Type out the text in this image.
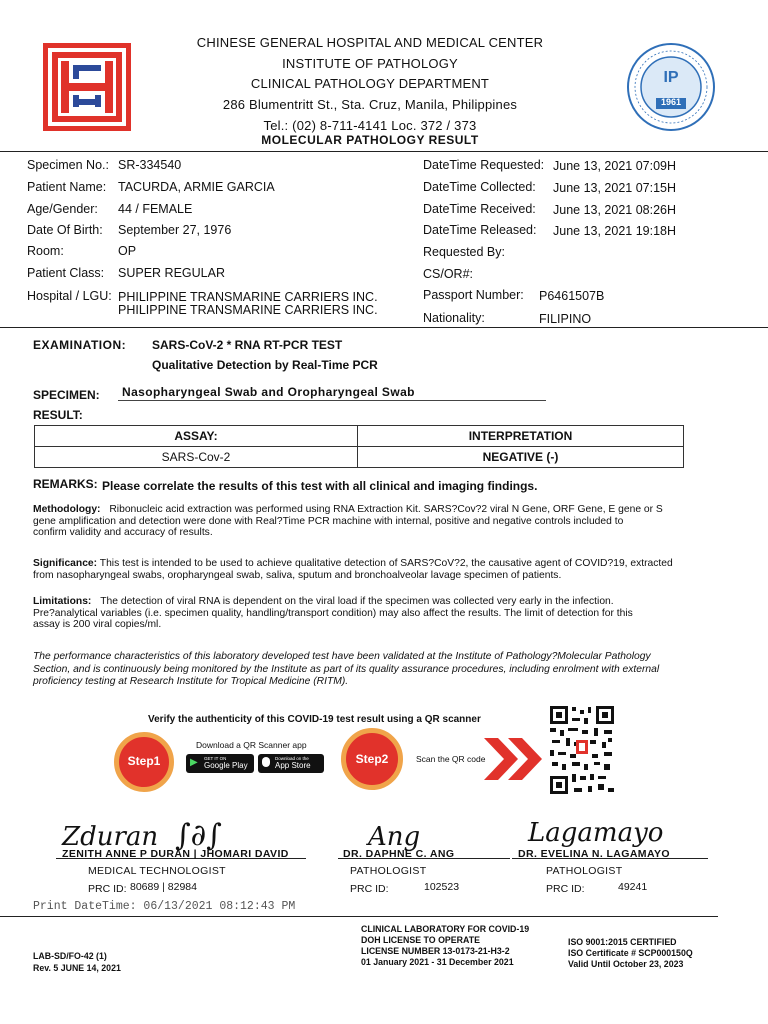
IP
1961
CHINESE GENERAL HOSPITAL AND MEDICAL CENTER
INSTITUTE OF PATHOLOGY
CLINICAL PATHOLOGY DEPARTMENT
286 Blumentritt St., Sta. Cruz, Manila, Philippines
Tel.: (02) 8-711-4141 Loc. 372 / 373
MOLECULAR PATHOLOGY RESULT
Specimen No.: SR-334540
Patient Name: TACURDA, ARMIE GARCIA
Age/Gender: 44 / FEMALE
Date Of Birth: September 27, 1976
Room:	OP
Patient Class: SUPER REGULAR
Hospital / LGU: PHILIPPINE TRANSMARINE CARRIERS INC.
PHILIPPINE TRANSMARINE CARRIERS INC.
DateTime Requested: June 13, 2021 07:09H
DateTime Collected: June 13, 2021 07:15H
DateTime Received: June 13, 2021 08:26H
DateTime Released: June 13, 2021 19:18H
Requested By:
CS/OR#:
Passport Number: P6461507B
Nationality:	FILIPINO
EXAMINATION: SARS-CoV-2 * RNA RT-PCR TEST
Qualitative Detection by Real-Time PCR
SPECIMEN: Nasopharyngeal Swab and Oropharyngeal Swab
RESULT:
ASSAY:	INTERPRETATION
SARS-Cov-2	NEGATIVE (-)
REMARKS: Please correlate the results of this test with all clinical and imaging findings.
Methodology: Ribonucleic acid extraction was performed using RNA Extraction Kit. SARS?Cov?2 viral N Gene, ORF Gene, E gene or S
gene amplification and detection were done with Real?Time PCR machine with internal, positive and negative controls included to
confirm validity and accuracy of results.
Significance: This test is intended to be used to achieve qualitative detection of SARS?CoV?2, the causative agent of COVID?19, extracted
from nasopharyngeal swabs, oropharyngeal swab, saliva, sputum and bronchoalveolar lavage specimen of patients.
Limitations: The detection of viral RNA is dependent on the viral load if the specimen was collected very early in the infection.
Pre?analytical variables (i.e. specimen quality, handling/transport condition) may also affect the results. The limit of detection for this
assay is 200 viral copies/ml.
The performance characteristics of this laboratory developed test have been validated at the Institute of Pathology?Molecular Pathology
Section, and is continuously being monitored by the Institute as part of its quality assurance procedures, including enrolment with external
proficiency testing at Research Institute for Tropical Medicine (RITM).
Verify the authenticity of this COVID-19 test result using a QR scanner
Step1
Download a QR Scanner app
▶ GET IT ON
Google Play
Download on the
App Store	Step2	Scan the QR code
Zduran ∫∂∫	Ang	Lagamayo
ZENITH ANNE P DURAN | JHOMARI DAVID	DR. DAPHNE C. ANG	DR. EVELINA N. LAGAMAYO
MEDICAL TECHNOLOGIST	PATHOLOGIST	PATHOLOGIST
PRC ID: 80689 | 82984	PRC ID:	102523	PRC ID:	49241
Print DateTime: 06/13/2021 08:12:43 PM
LAB-SD/FO-42 (1)
Rev. 5 JUNE 14, 2021
CLINICAL LABORATORY FOR COVID-19
DOH LICENSE TO OPERATE
LICENSE NUMBER 13-0173-21-H3-2
01 January 2021 - 31 December 2021
ISO 9001:2015 CERTIFIED
ISO Certificate # SCP000150Q
Valid Until October 23, 2023
